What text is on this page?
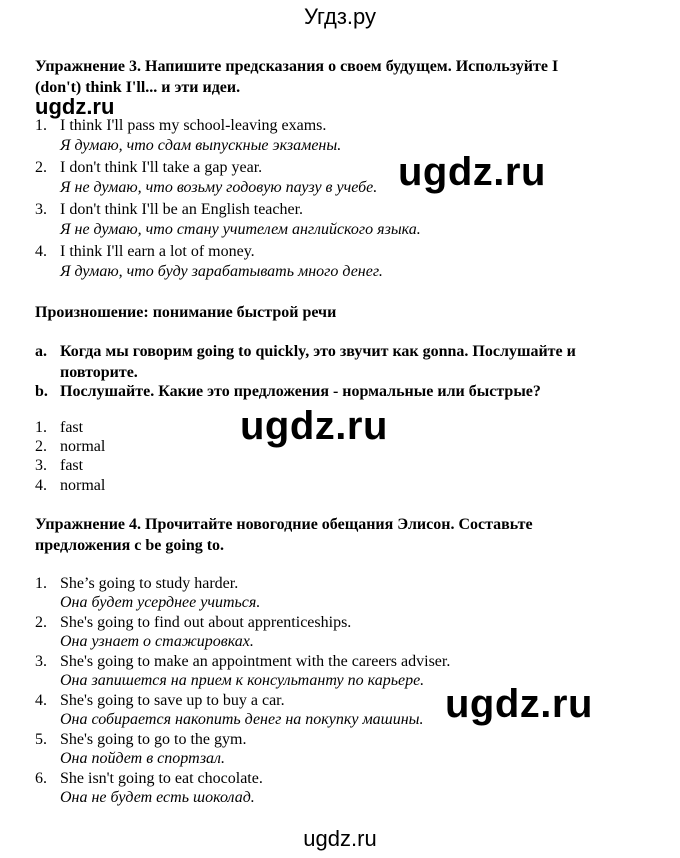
Угдз.ру
Упражнение 3. Напишите предсказания о своем будущем. Используйте I
(don't) think I'll... и эти идеи.
ugdz.ru
1. I think I'll pass my school-leaving exams.
Я думаю, что сдам выпускные экзамены.
2. I don't think I'll take a gap year.
Я не думаю, что возьму годовую паузу в учебе.
3. I don't think I'll be an English teacher.
Я не думаю, что стану учителем английского языка.
4. I think I'll earn a lot of money.
Я думаю, что буду зарабатывать много денег.
ugdz.ru
Произношение: понимание быстрой речи
a. Когда мы говорим going to quickly, это звучит как gonna. Послушайте и
повторите.
b. Послушайте. Какие это предложения - нормальные или быстрые?
ugdz.ru
1. fast
2. normal
3. fast
4. normal
Упражнение 4. Прочитайте новогодние обещания Элисон. Составьте
предложения с be going to.
1. She’s going to study harder.
Она будет усерднее учиться.
2. She's going to find out about apprenticeships.
Она узнает о стажировках.
3. She's going to make an appointment with the careers adviser.
Она запишется на прием к консультанту по карьере.
4. She's going to save up to buy a car.
Она собирается накопить денег на покупку машины.
5. She's going to go to the gym.
Она пойдет в спортзал.
6. She isn't going to eat chocolate.
Она не будет есть шоколад.
ugdz.ru
ugdz.ru
